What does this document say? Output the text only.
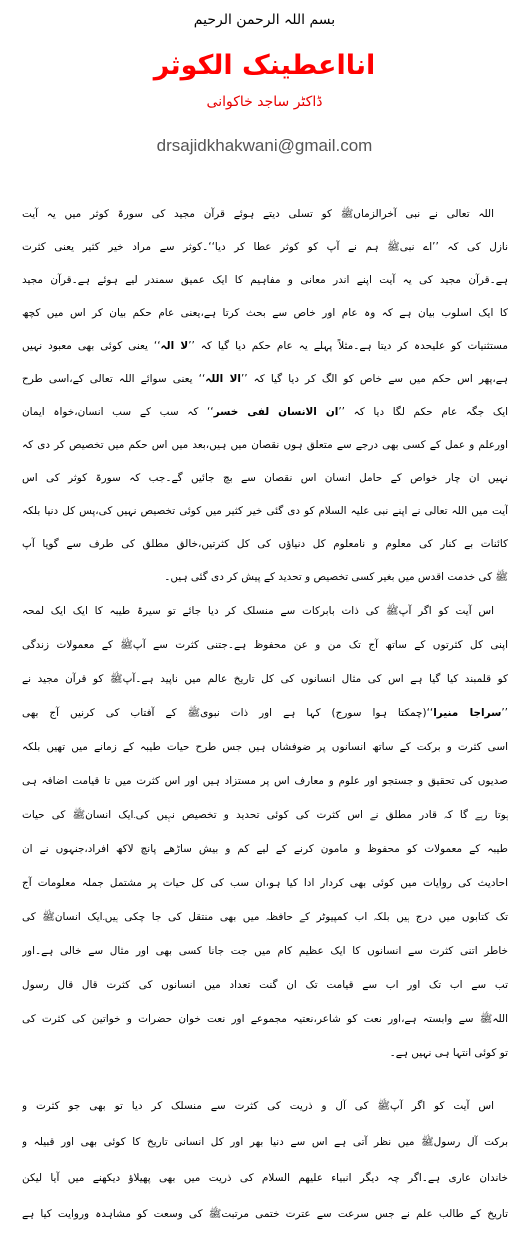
بسم اللہ الرحمن الرحیم
انااعطینک الکوثر
ڈاکٹر ساجد خاکوانی
drsajidkhakwani@gmail.com
اللہ تعالی نے نبی آخرالزماںﷺ کو تسلی دیتے ہوئے قرآن مجید کی سورۃ کوثر میں یہ آیت
نازل کی کہ ’’اے نبیﷺ ہم نے آپ کو کوثر عطا کر دیا‘‘۔کوثر سے مراد خیر کثیر یعنی کثرت
ہے۔قرآن مجید کی یہ آیت اپنے اندر معانی و مفاہیم کا ایک عمیق سمندر لیے ہوئے ہے۔قرآن مجید
کا ایک اسلوب بیان ہے کہ وہ عام اور خاص سے بحث کرتا ہے،یعنی عام حکم بیان کر اس میں کچھ
مستثنیات کو علیحدہ کر دیتا ہے۔مثلاً پہلے یہ عام حکم دیا گیا کہ ’’لا الہ‘‘ یعنی کوئی بھی معبود نہیں
ہے،پھر اس حکم میں سے خاص کو الگ کر دیا گیا کہ ’’الا اللہ‘‘ یعنی سوائے اللہ تعالی کے،اسی طرح
ایک جگہ عام حکم لگا دیا کہ ’’ان الانسان لفی خسر‘‘ کہ سب کے سب انسان،خواہ ایمان
اورعلم و عمل کے کسی بھی درجے سے متعلق ہوں نقصان میں ہیں،بعد میں اس حکم میں تخصیص کر دی کہ
نہیں ان چار خواص کے حامل انسان اس نقصان سے بچ جائیں گے۔جب کہ سورۃ کوثر کی اس
آیت میں اللہ تعالی نے اپنے نبی علیہ السلام کو دی گئی خیر کثیر میں کوئی تخصیص نہیں کی،پس کل دنیا بلکہ
کائنات بے کنار کی معلوم و نامعلوم کل دنیاؤں کی کل کثرتیں،خالق مطلق کی طرف سے گویا آپ
ﷺ کی خدمت اقدس میں بغیر کسی تخصیص و تحدید کے پیش کر دی گئی ہیں۔
اس آیت کو اگر آپﷺ کی ذات بابرکات سے منسلک کر دیا جائے تو سیرۃ طیبہ کا ایک ایک لمحہ
اپنی کل کثرتوں کے ساتھ آج تک من و عن محفوظ ہے۔جتنی کثرت سے آپﷺ کے معمولات زندگی
کو قلمبند کیا گیا ہے اس کی مثال انسانوں کی کل تاریخ عالم میں ناپید ہے۔آپﷺ کو قرآن مجید نے
’’سراجا منیرا‘‘(چمکتا ہوا سورج) کہا ہے اور ذات نبویﷺ کے آفتاب کی کرنیں آج بھی
اسی کثرت و برکت کے ساتھ انسانوں پر ضوفشاں ہیں جس طرح حیات طیبہ کے زمانے میں تھیں بلکہ
صدیوں کی تحقیق و جستجو اور علوم و معارف اس پر مستزاد ہیں اور اس کثرت میں تا قیامت اضافہ ہی
ہوتا رہے گا کہ قادر مطلق نے اس کثرت کی کوئی تحدید و تخصیص نہیں کی۔ایک انسانﷺ کی حیات
طیبہ کے معمولات کو محفوظ و مامون کرنے کے لیے کم و بیش ساڑھے پانچ لاکھ افراد،جنہوں نے ان
احادیث کی روایات میں کوئی بھی کردار ادا کیا ہو،ان سب کی کل حیات پر مشتمل جملہ معلومات آج
تک کتابوں میں درج ہیں بلکہ اب کمپیوٹر کے حافظہ میں بھی منتقل کی جا چکی ہیں۔ایک انسانﷺ کی
خاطر اتنی کثرت سے انسانوں کا ایک عظیم کام میں جت جانا کسی بھی اور مثال سے خالی ہے۔اور
تب سے اب تک اور اب سے قیامت تک ان گنت تعداد میں انسانوں کی کثرت قال قال رسول
اللہﷺ سے وابستہ ہے،اور نعت کو شاعر،نعتیہ مجموعے اور نعت خوان حضرات و خواتین کی کثرت کی
تو کوئی انتہا ہی نہیں ہے۔
اس آیت کو اگر آپﷺ کی آل و ذریت کی کثرت سے منسلک کر دیا تو بھی جو کثرت و
برکت آل رسولﷺ میں نظر آتی ہے اس سے دنیا بھر اور کل انسانی تاریخ کا کوئی بھی اور قبیلہ و
خاندان عاری ہے۔اگر چہ دیگر انبیاء علیھم السلام کی ذریت میں بھی پھیلاؤ دیکھنے میں آیا لیکن
تاریخ کے طالب علم نے جس سرعت سے عترت ختمی مرتبتﷺ کی وسعت کو مشاہدہ وروایت کیا ہے
